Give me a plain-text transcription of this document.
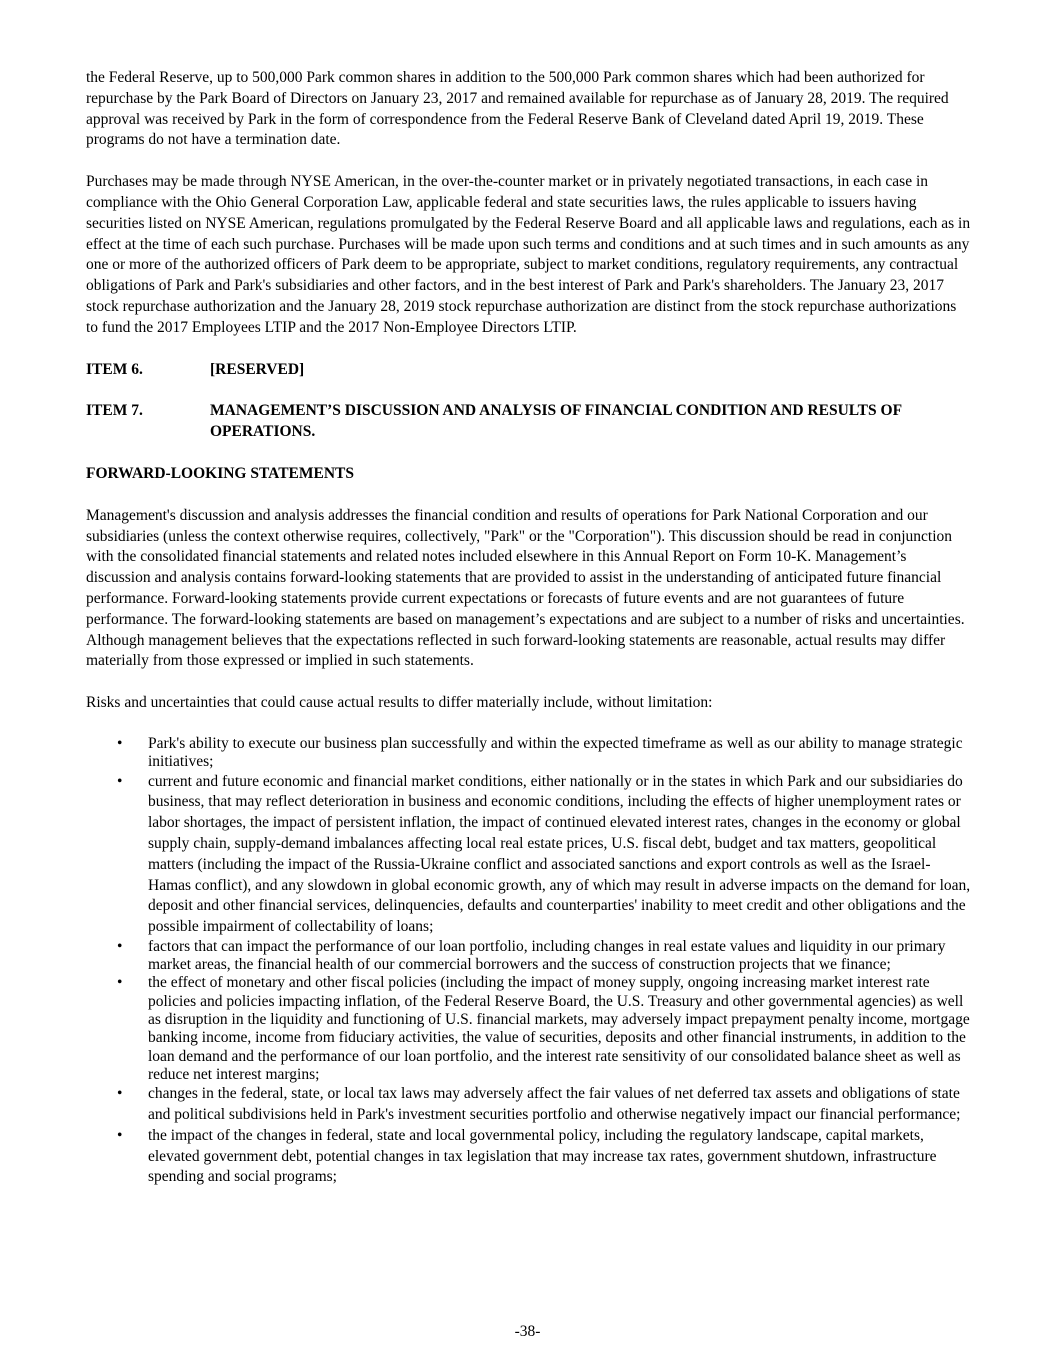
the Federal Reserve, up to 500,000 Park common shares in addition to the 500,000 Park common shares which had been authorized for repurchase by the Park Board of Directors on January 23, 2017 and remained available for repurchase as of January 28, 2019. The required approval was received by Park in the form of correspondence from the Federal Reserve Bank of Cleveland dated April 19, 2019. These programs do not have a termination date.

Purchases may be made through NYSE American, in the over-the-counter market or in privately negotiated transactions, in each case in compliance with the Ohio General Corporation Law, applicable federal and state securities laws, the rules applicable to issuers having securities listed on NYSE American, regulations promulgated by the Federal Reserve Board and all applicable laws and regulations, each as in effect at the time of each such purchase. Purchases will be made upon such terms and conditions and at such times and in such amounts as any one or more of the authorized officers of Park deem to be appropriate, subject to market conditions, regulatory requirements, any contractual obligations of Park and Park's subsidiaries and other factors, and in the best interest of Park and Park's shareholders. The January 23, 2017 stock repurchase authorization and the January 28, 2019 stock repurchase authorization are distinct from the stock repurchase authorizations to fund the 2017 Employees LTIP and the 2017 Non-Employee Directors LTIP.

ITEM 6.	[RESERVED]
ITEM 7.	MANAGEMENT’S DISCUSSION AND ANALYSIS OF FINANCIAL CONDITION AND RESULTS OF OPERATIONS.

FORWARD-LOOKING STATEMENTS

Management's discussion and analysis addresses the financial condition and results of operations for Park National Corporation and our subsidiaries (unless the context otherwise requires, collectively, "Park" or the "Corporation"). This discussion should be read in conjunction with the consolidated financial statements and related notes included elsewhere in this Annual Report on Form 10-K. Management’s discussion and analysis contains forward-looking statements that are provided to assist in the understanding of anticipated future financial performance. Forward-looking statements provide current expectations or forecasts of future events and are not guarantees of future performance. The forward-looking statements are based on management’s expectations and are subject to a number of risks and uncertainties. Although management believes that the expectations reflected in such forward-looking statements are reasonable, actual results may differ materially from those expressed or implied in such statements.

Risks and uncertainties that could cause actual results to differ materially include, without limitation:

•	Park's ability to execute our business plan successfully and within the expected timeframe as well as our ability to manage strategic initiatives;
•	current and future economic and financial market conditions, either nationally or in the states in which Park and our subsidiaries do business, that may reflect deterioration in business and economic conditions, including the effects of higher unemployment rates or labor shortages, the impact of persistent inflation, the impact of continued elevated interest rates, changes in the economy or global supply chain, supply-demand imbalances affecting local real estate prices, U.S. fiscal debt, budget and tax matters, geopolitical matters (including the impact of the Russia-Ukraine conflict and associated sanctions and export controls as well as the Israel-Hamas conflict), and any slowdown in global economic growth, any of which may result in adverse impacts on the demand for loan, deposit and other financial services, delinquencies, defaults and counterparties' inability to meet credit and other obligations and the possible impairment of collectability of loans;
•	factors that can impact the performance of our loan portfolio, including changes in real estate values and liquidity in our primary market areas, the financial health of our commercial borrowers and the success of construction projects that we finance;
•	the effect of monetary and other fiscal policies (including the impact of money supply, ongoing increasing market interest rate policies and policies impacting inflation, of the Federal Reserve Board, the U.S. Treasury and other governmental agencies) as well as disruption in the liquidity and functioning of U.S. financial markets, may adversely impact prepayment penalty income, mortgage banking income, income from fiduciary activities, the value of securities, deposits and other financial instruments, in addition to the loan demand and the performance of our loan portfolio, and the interest rate sensitivity of our consolidated balance sheet as well as reduce net interest margins;
•	changes in the federal, state, or local tax laws may adversely affect the fair values of net deferred tax assets and obligations of state and political subdivisions held in Park's investment securities portfolio and otherwise negatively impact our financial performance;
•	the impact of the changes in federal, state and local governmental policy, including the regulatory landscape, capital markets, elevated government debt, potential changes in tax legislation that may increase tax rates, government shutdown, infrastructure spending and social programs;
-38-
